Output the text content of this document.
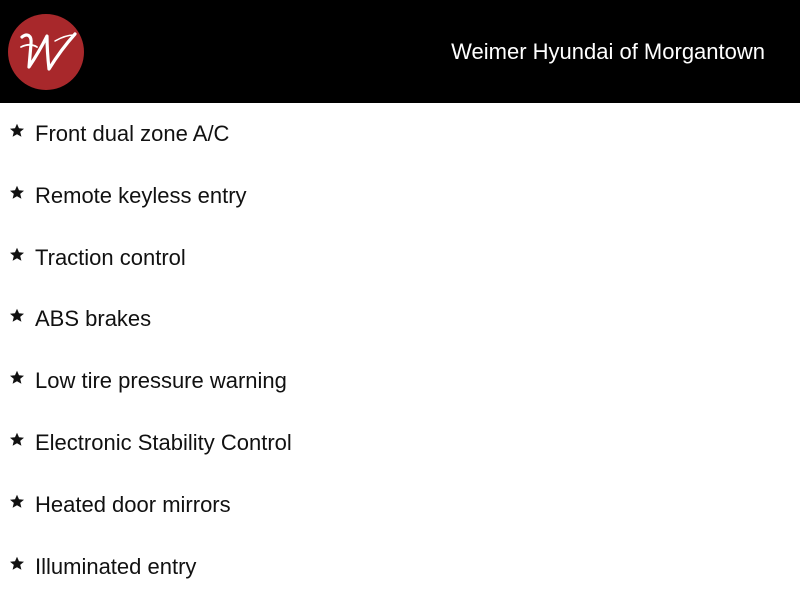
Weimer Hyundai of Morgantown
Front dual zone A/C
Remote keyless entry
Traction control
ABS brakes
Low tire pressure warning
Electronic Stability Control
Heated door mirrors
Illuminated entry
